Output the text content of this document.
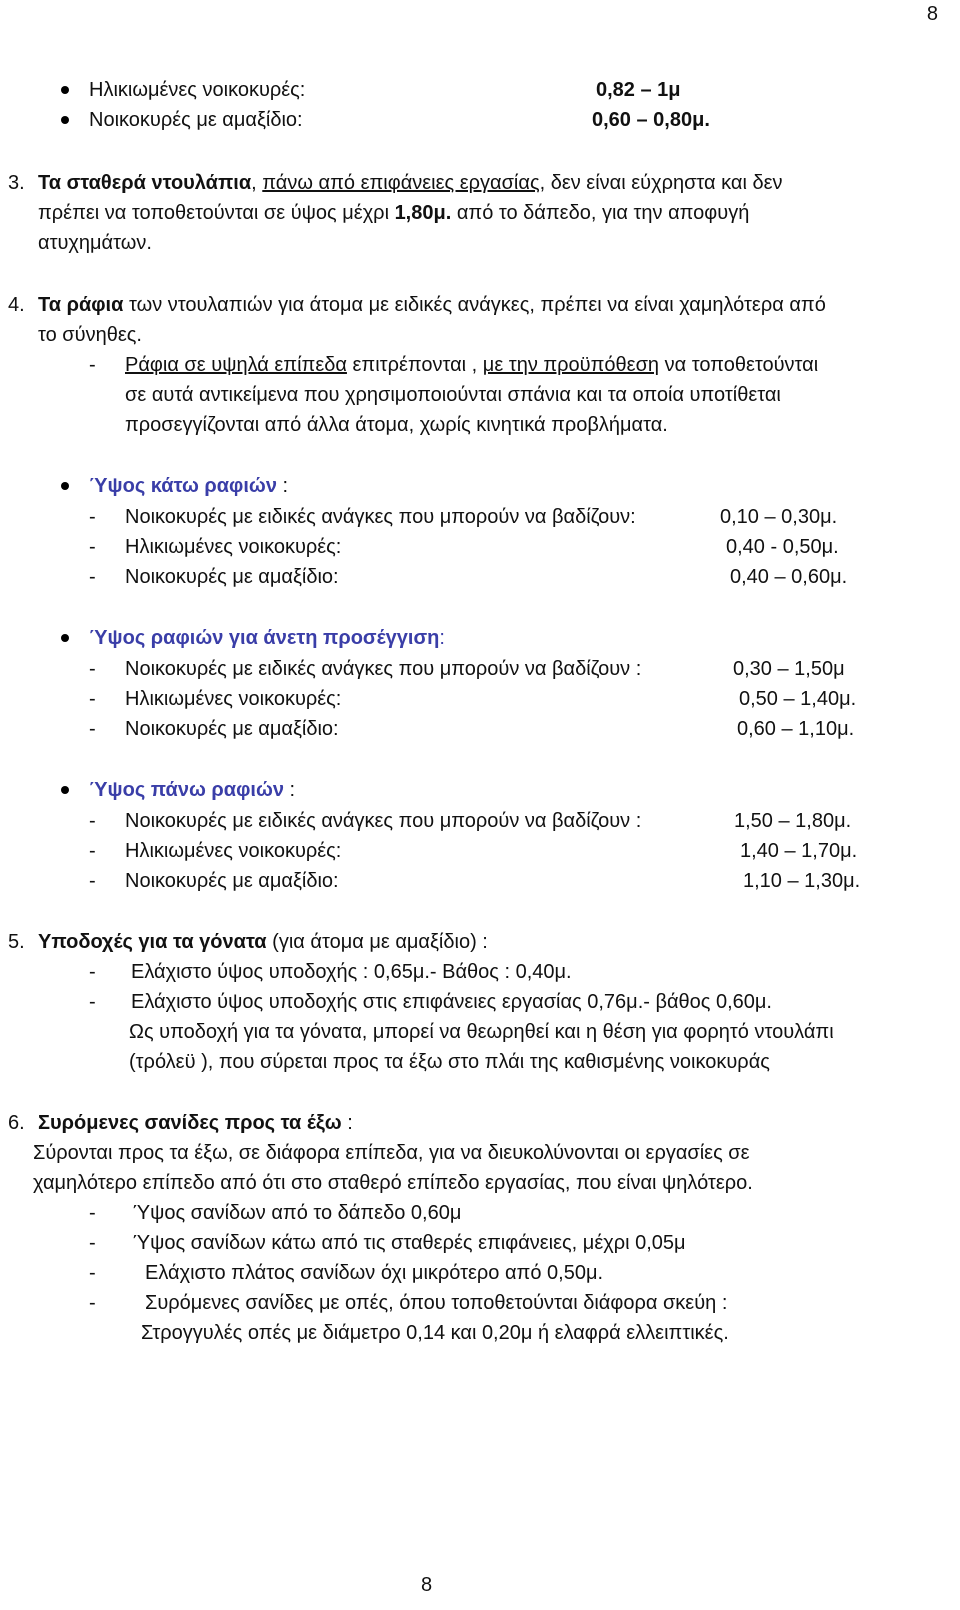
8
Ηλικιωμένες νοικοκυρές:	0,82 – 1μ
Νοικοκυρές με αμαξίδιο:	0,60 – 0,80μ.
3. Τα σταθερά ντουλάπια, πάνω από επιφάνειες εργασίας, δεν είναι εύχρηστα και δεν
πρέπει να τοποθετούνται σε ύψος μέχρι 1,80μ. από το δάπεδο, για την αποφυγή
ατυχημάτων.
4. Τα ράφια των ντουλαπιών για άτομα με ειδικές ανάγκες, πρέπει να είναι χαμηλότερα από
το σύνηθες.
- Ράφια σε υψηλά επίπεδα επιτρέπονται , με την προϋπόθεση να τοποθετούνται
σε αυτά αντικείμενα που χρησιμοποιούνται σπάνια και τα οποία υποτίθεται
προσεγγίζονται από άλλα άτομα, χωρίς κινητικά προβλήματα.
Ύψος κάτω ραφιών :
- Νοικοκυρές με ειδικές ανάγκες που μπορούν να βαδίζουν:	0,10 – 0,30μ.
- Ηλικιωμένες νοικοκυρές:	0,40 - 0,50μ.
- Νοικοκυρές με αμαξίδιο:	0,40 – 0,60μ.
Ύψος ραφιών για άνετη προσέγγιση:
- Νοικοκυρές με ειδικές ανάγκες που μπορούν να βαδίζουν :	0,30 – 1,50μ
- Ηλικιωμένες νοικοκυρές:	0,50 – 1,40μ.
- Νοικοκυρές με αμαξίδιο:	0,60 – 1,10μ.
Ύψος πάνω ραφιών :
- Νοικοκυρές με ειδικές ανάγκες που μπορούν να βαδίζουν :	1,50 – 1,80μ.
- Ηλικιωμένες νοικοκυρές:	1,40 – 1,70μ.
- Νοικοκυρές με αμαξίδιο:	1,10 – 1,30μ.
5. Υποδοχές για τα γόνατα (για άτομα με αμαξίδιο) :
- Ελάχιστο ύψος υποδοχής : 0,65μ.- Βάθος : 0,40μ.
- Ελάχιστο ύψος υποδοχής στις επιφάνειες εργασίας 0,76μ.- βάθος 0,60μ.
Ως υποδοχή για τα γόνατα, μπορεί να θεωρηθεί και η θέση για φορητό ντουλάπι
(τρόλεϋ ), που σύρεται προς τα έξω στο πλάι της καθισμένης νοικοκυράς
6. Συρόμενες σανίδες προς τα έξω :
Σύρονται προς τα έξω, σε διάφορα επίπεδα, για να διευκολύνονται οι εργασίες σε
χαμηλότερο επίπεδο από ότι στο σταθερό επίπεδο εργασίας, που είναι ψηλότερο.
- Ύψος σανίδων από το δάπεδο 0,60μ
- Ύψος σανίδων κάτω από τις σταθερές επιφάνειες, μέχρι 0,05μ
- Ελάχιστο πλάτος σανίδων όχι μικρότερο από 0,50μ.
- Συρόμενες σανίδες με οπές, όπου τοποθετούνται διάφορα σκεύη :
Στρογγυλές οπές με διάμετρο 0,14 και 0,20μ ή ελαφρά ελλειπτικές.
8
